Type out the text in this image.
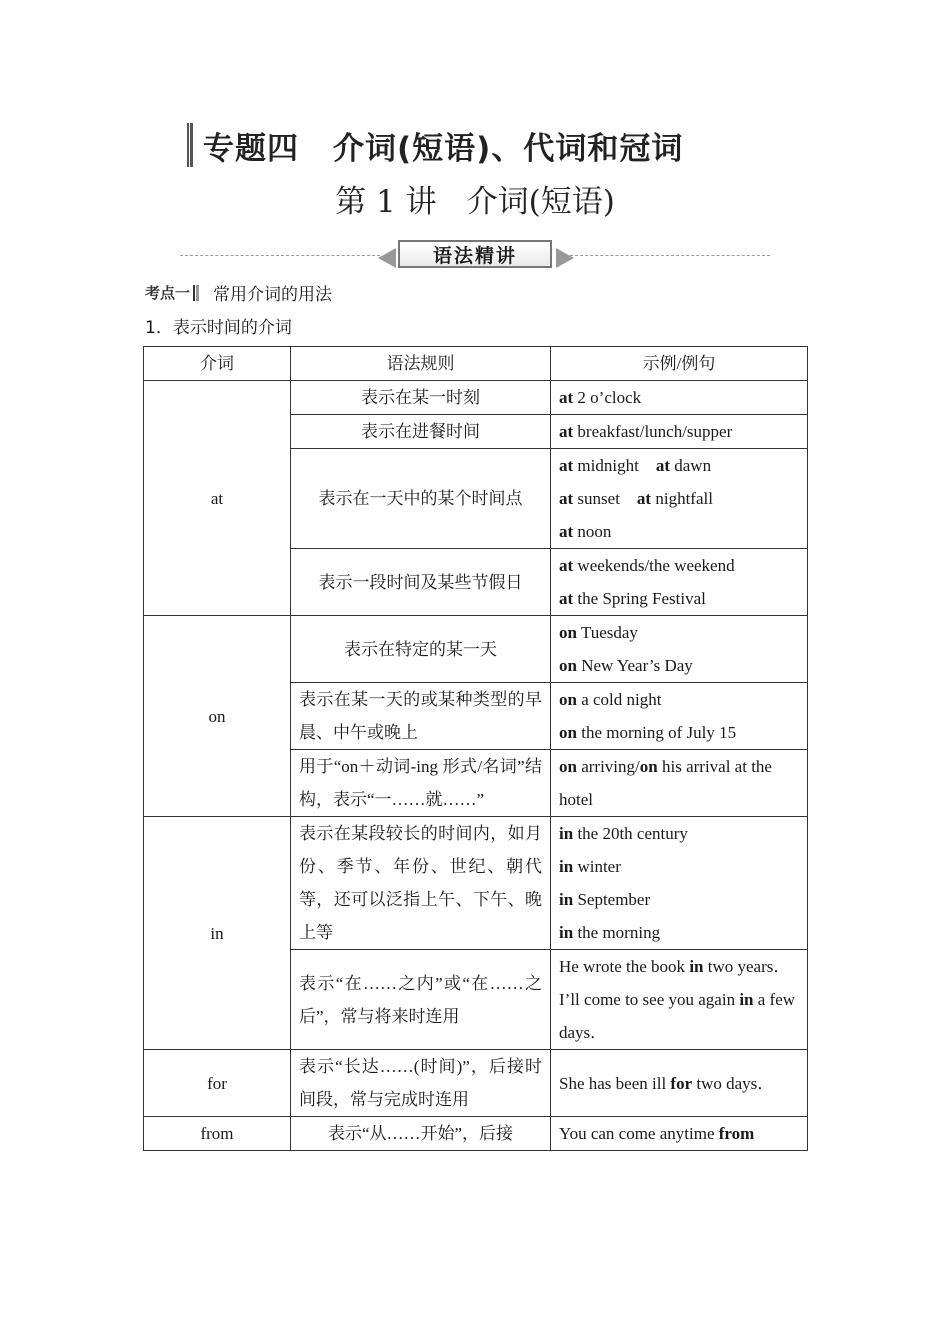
专题四 介词(短语)、代词和冠词
第 1 讲 介词(短语)
语法精讲
考点一 常用介词的用法
1．表示时间的介词
介词	语法规则	示例/例句
at	表示在某一时刻	at 2 o’clock

	表示在进餐时间	at breakfast/lunch/supper

	表示在一天中的某个时间点	at midnight　at dawn
at sunset　at nightfall
at noon

	表示一段时间及某些节假日	at weekends/the weekend
at the Spring Festival

on	表示在特定的某一天	on Tuesday
on New Year’s Day

	表示在某一天的或某种类型的早晨、中午或晚上	on a cold night
on the morning of July 15

	用于“on＋动词-ing 形式/名词”结构，表示“一……就……”	on arriving/on his arrival at the hotel

in	表示在某段较长的时间内，如月份、季节、年份、世纪、朝代等，还可以泛指上午、下午、晚上等	in the 20th century
in winter
in September
in the morning

	表示“在……之内”或“在……之后”，常与将来时连用	He wrote the book in two years．
I’ll come to see you again in a few days．

for	表示“长达……(时间)”，后接时间段，常与完成时连用	She has been ill for two days．

from	表示“从……开始”，后接	You can come anytime from
